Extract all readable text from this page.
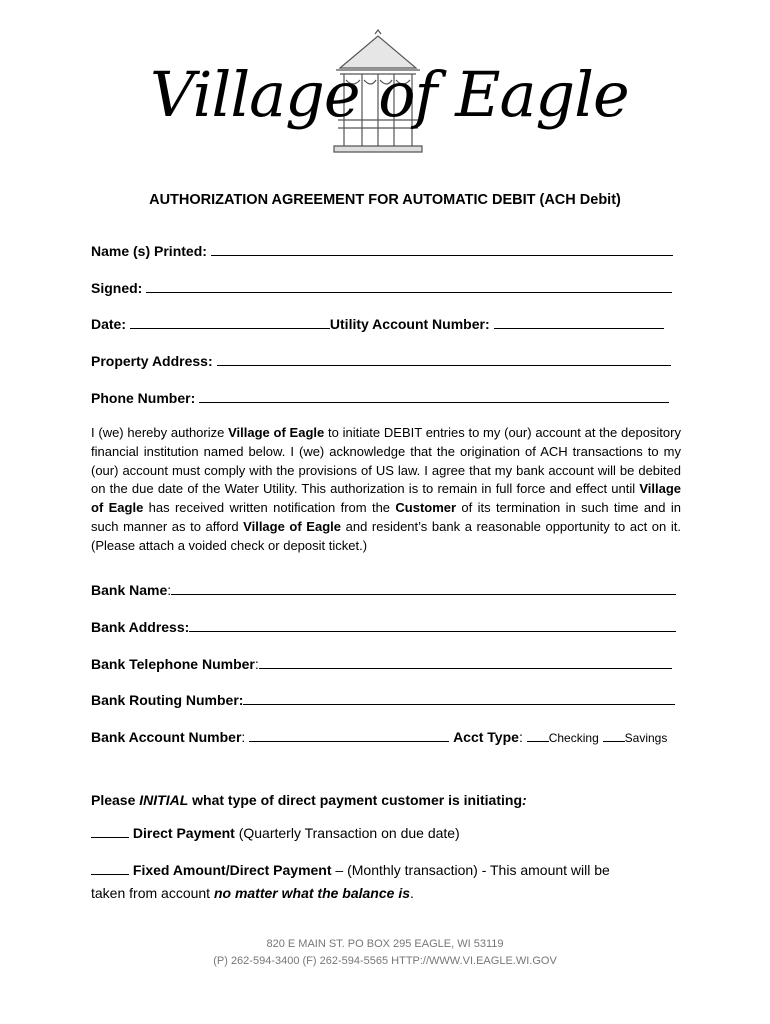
Village of Eagle
AUTHORIZATION AGREEMENT FOR AUTOMATIC DEBIT (ACH Debit)
Name (s) Printed:
Signed:
Date:	Utility Account Number:
Property Address:
Phone Number:
I (we) hereby authorize Village of Eagle to initiate DEBIT entries to my (our) account at the depository financial institution named below. I (we) acknowledge that the origination of ACH transactions to my (our) account must comply with the provisions of US law. I agree that my bank account will be debited on the due date of the Water Utility. This authorization is to remain in full force and effect until Village of Eagle has received written notification from the Customer of its termination in such time and in such manner as to afford Village of Eagle and resident’s bank a reasonable opportunity to act on it. (Please attach a voided check or deposit ticket.)
Bank Name:
Bank Address:
Bank Telephone Number:
Bank Routing Number:
Bank Account Number:	Acct Type: Checking Savings
Please INITIAL what type of direct payment customer is initiating:
Direct Payment (Quarterly Transaction on due date)
Fixed Amount/Direct Payment – (Monthly transaction) - This amount will be
taken from account no matter what the balance is.
820 E MAIN ST. PO BOX 295 EAGLE, WI 53119
(P) 262-594-3400 (F) 262-594-5565 HTTP://WWW.VI.EAGLE.WI.GOV
